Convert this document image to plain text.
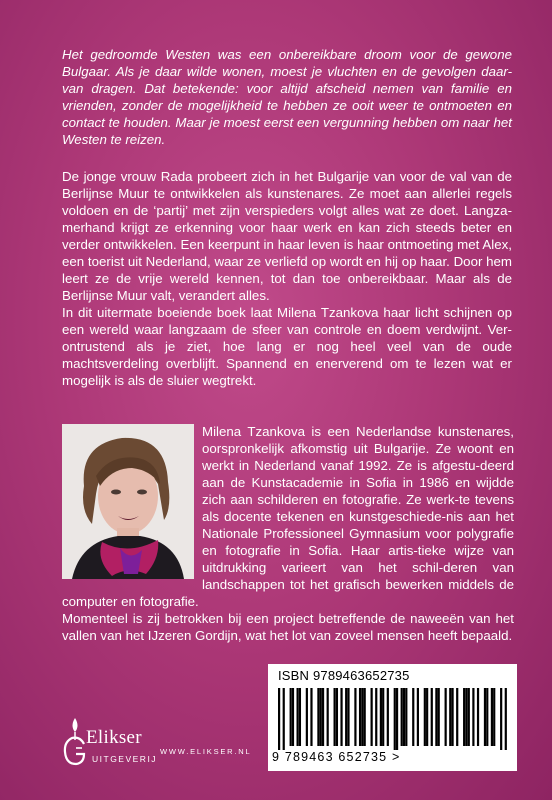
Het gedroomde Westen was een onbereikbare droom voor de gewone Bulgaar. Als je daar wilde wonen, moest je vluchten en de gevolgen daar-van dragen. Dat betekende: voor altijd afscheid nemen van familie en vrienden, zonder de mogelijkheid te hebben ze ooit weer te ontmoeten en contact te houden. Maar je moest eerst een vergunning hebben om naar het Westen te reizen.

De jonge vrouw Rada probeert zich in het Bulgarije van voor de val van de Berlijnse Muur te ontwikkelen als kunstenares. Ze moet aan allerlei regels voldoen en de ‘partij’ met zijn verspieders volgt alles wat ze doet. Langza-merhand krijgt ze erkenning voor haar werk en kan zich steeds beter en verder ontwikkelen. Een keerpunt in haar leven is haar ontmoeting met Alex, een toerist uit Nederland, waar ze verliefd op wordt en hij op haar. Door hem leert ze de vrije wereld kennen, tot dan toe onbereikbaar. Maar als de Berlijnse Muur valt, verandert alles.

In dit uitermate boeiende boek laat Milena Tzankova haar licht schijnen op een wereld waar langzaam de sfeer van controle en doem verdwijnt. Ver-ontrustend als je ziet, hoe lang er nog heel veel van de oude machtsverdeling overblijft. Spannend en enerverend om te lezen wat er mogelijk is als de sluier wegtrekt.

Milena Tzankova is een Nederlandse kunstenares, oorspronkelijk afkomstig uit Bulgarije. Ze woont en werkt in Nederland vanaf 1992. Ze is afgestu-deerd aan de Kunstacademie in Sofia in 1986 en wijdde zich aan schilderen en fotografie. Ze werk-te tevens als docente tekenen en kunstgeschiede-nis aan het Nationale Professioneel Gymnasium voor polygrafie en fotografie in Sofia. Haar artis-tieke wijze van uitdrukking varieert van het schil-deren van landschappen tot het grafisch bewerken middels de computer en fotografie.

Momenteel is zij betrokken bij een project betreffende de naweeën van het vallen van het IJzeren Gordijn, wat het lot van zoveel mensen heeft bepaald.

ISBN 9789463652735
9 789463 652735 >
Elikser
UITGEVERIJ
WWW.ELIKSER.NL
